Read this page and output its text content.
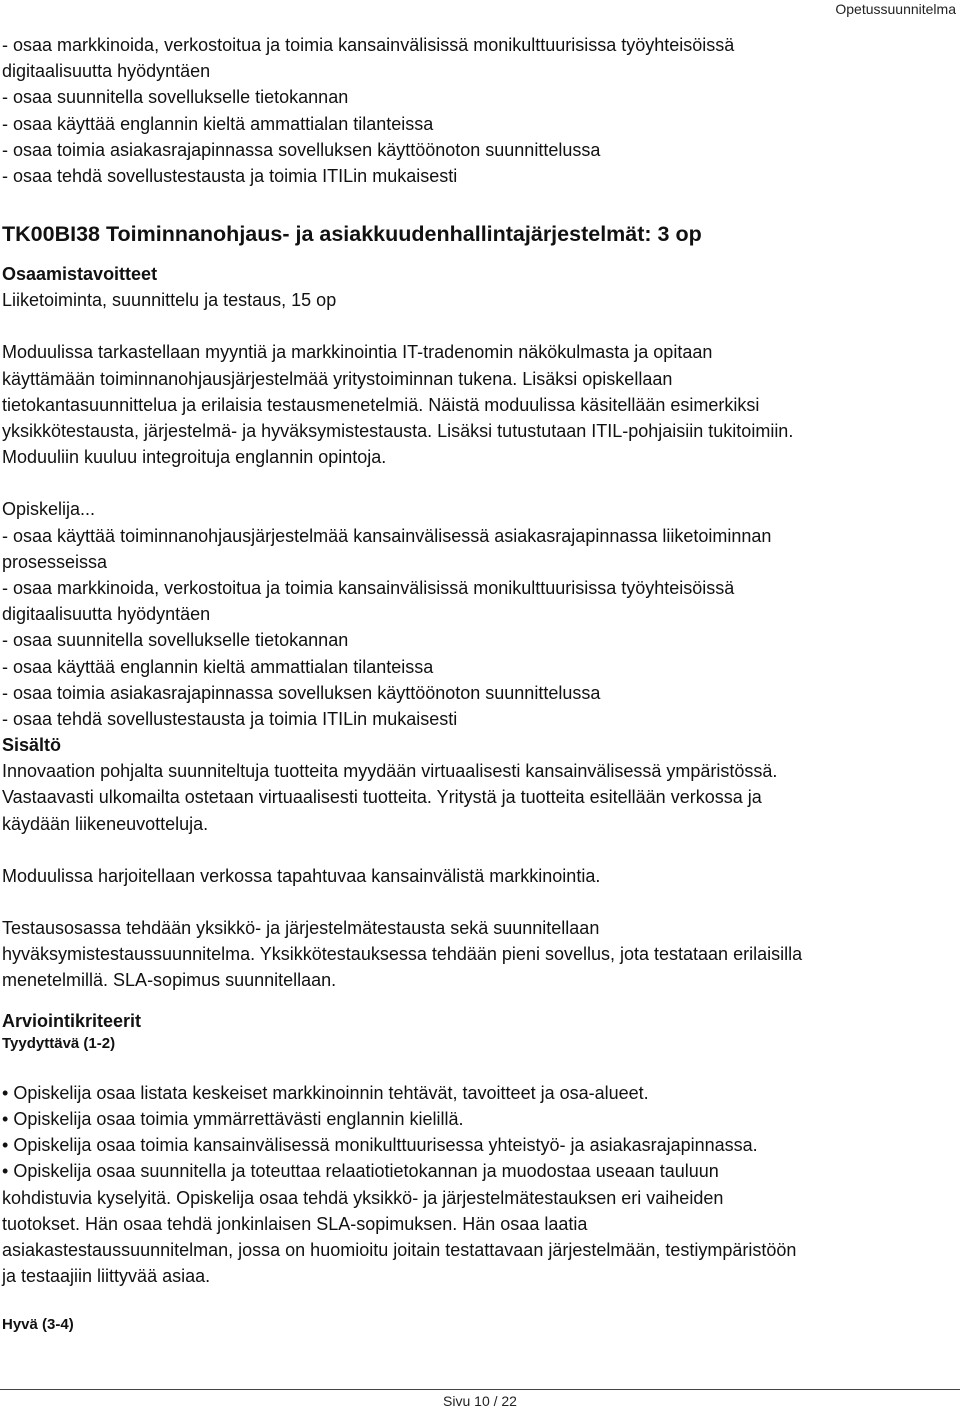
Opetussuunnitelma
- osaa markkinoida, verkostoitua ja toimia kansainvälisissä monikulttuurisissa työyhteisöissä
digitaalisuutta hyödyntäen
- osaa suunnitella sovellukselle tietokannan
- osaa käyttää englannin kieltä ammattialan tilanteissa
- osaa toimia asiakasrajapinnassa sovelluksen käyttöönoton suunnittelussa
- osaa tehdä sovellustestausta ja toimia ITILin mukaisesti
TK00BI38 Toiminnanohjaus- ja asiakkuudenhallintajärjestelmät: 3 op
Osaamistavoitteet
Liiketoiminta, suunnittelu ja testaus, 15 op
Moduulissa tarkastellaan myyntiä ja markkinointia IT-tradenomin näkökulmasta ja opitaan
käyttämään toiminnanohjausjärjestelmää yritystoiminnan tukena. Lisäksi opiskellaan
tietokantasuunnittelua ja erilaisia testausmenetelmiä. Näistä moduulissa käsitellään esimerkiksi
yksikkötestausta, järjestelmä- ja hyväksymistestausta. Lisäksi tutustutaan ITIL-pohjaisiin tukitoimiin.
Moduuliin kuuluu integroituja englannin opintoja.
Opiskelija...
- osaa käyttää toiminnanohjausjärjestelmää kansainvälisessä asiakasrajapinnassa liiketoiminnan
prosesseissa
- osaa markkinoida, verkostoitua ja toimia kansainvälisissä monikulttuurisissa työyhteisöissä
digitaalisuutta hyödyntäen
- osaa suunnitella sovellukselle tietokannan
- osaa käyttää englannin kieltä ammattialan tilanteissa
- osaa toimia asiakasrajapinnassa sovelluksen käyttöönoton suunnittelussa
- osaa tehdä sovellustestausta ja toimia ITILin mukaisesti
Sisältö
Innovaation pohjalta suunniteltuja tuotteita myydään virtuaalisesti kansainvälisessä ympäristössä.
Vastaavasti ulkomailta ostetaan virtuaalisesti tuotteita. Yritystä ja tuotteita esitellään verkossa ja
käydään liikeneuvotteluja.
Moduulissa harjoitellaan verkossa tapahtuvaa kansainvälistä markkinointia.
Testausosassa tehdään yksikkö- ja järjestelmätestausta sekä suunnitellaan
hyväksymistestaussuunnitelma. Yksikkötestauksessa tehdään pieni sovellus, jota testataan erilaisilla
menetelmillä. SLA-sopimus suunnitellaan.
Arviointikriteerit
Tyydyttävä (1-2)
• Opiskelija osaa listata keskeiset markkinoinnin tehtävät, tavoitteet ja osa-alueet.
• Opiskelija osaa toimia ymmärrettävästi englannin kielillä.
• Opiskelija osaa toimia kansainvälisessä monikulttuurisessa yhteistyö- ja asiakasrajapinnassa.
• Opiskelija osaa suunnitella ja toteuttaa relaatiotietokannan ja muodostaa useaan tauluun
kohdistuvia kyselyitä. Opiskelija osaa tehdä yksikkö- ja järjestelmätestauksen eri vaiheiden
tuotokset. Hän osaa tehdä jonkinlaisen SLA-sopimuksen. Hän osaa laatia
asiakastestaussuunnitelman, jossa on huomioitu joitain testattavaan järjestelmään, testiympäristöön
ja testaajiin liittyvää asiaa.
Hyvä (3-4)
Sivu 10 / 22
